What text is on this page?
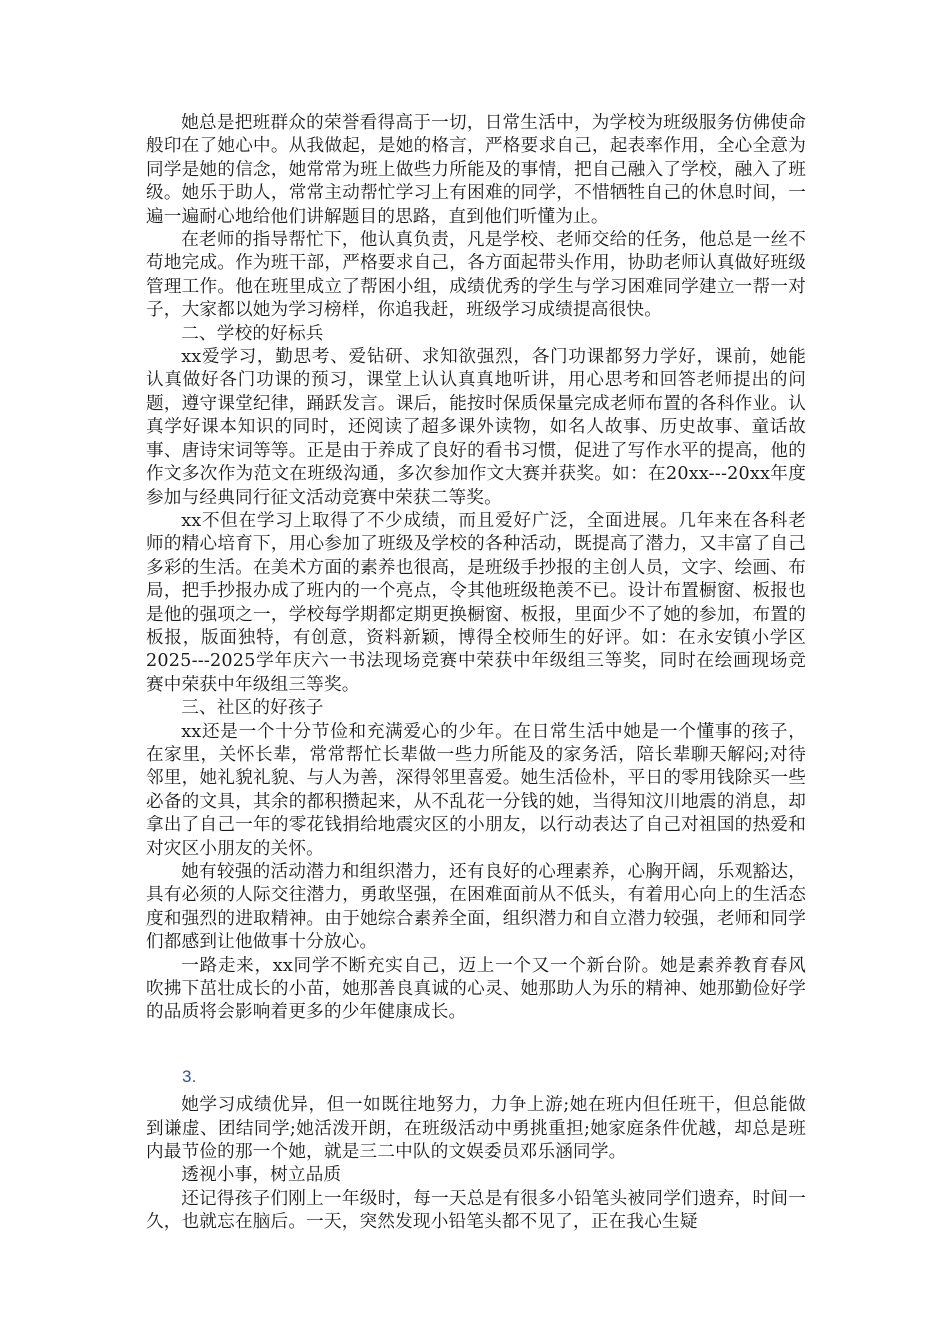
她总是把班群众的荣誉看得高于一切，日常生活中，为学校为班级服务仿佛使命般印在了她心中。从我做起，是她的格言，严格要求自己，起表率作用，全心全意为同学是她的信念，她常常为班上做些力所能及的事情，把自己融入了学校，融入了班级。她乐于助人，常常主动帮忙学习上有困难的同学，不惜牺牲自己的休息时间，一遍一遍耐心地给他们讲解题目的思路，直到他们听懂为止。

在老师的指导帮忙下，他认真负责，凡是学校、老师交给的任务，他总是一丝不苟地完成。作为班干部，严格要求自己，各方面起带头作用，协助老师认真做好班级管理工作。他在班里成立了帮困小组，成绩优秀的学生与学习困难同学建立一帮一对子，大家都以她为学习榜样，你追我赶，班级学习成绩提高很快。

二、学校的好标兵

xx爱学习，勤思考、爱钻研、求知欲强烈，各门功课都努力学好，课前，她能认真做好各门功课的预习，课堂上认认真真地听讲，用心思考和回答老师提出的问题，遵守课堂纪律，踊跃发言。课后，能按时保质保量完成老师布置的各科作业。认真学好课本知识的同时，还阅读了超多课外读物，如名人故事、历史故事、童话故事、唐诗宋词等等。正是由于养成了良好的看书习惯，促进了写作水平的提高，他的作文多次作为范文在班级沟通，多次参加作文大赛并获奖。如：在20xx---20xx年度参加与经典同行征文活动竞赛中荣获二等奖。

xx不但在学习上取得了不少成绩，而且爱好广泛，全面进展。几年来在各科老师的精心培育下，用心参加了班级及学校的各种活动，既提高了潜力，又丰富了自己多彩的生活。在美术方面的素养也很高，是班级手抄报的主创人员，文字、绘画、布局，把手抄报办成了班内的一个亮点，令其他班级艳羡不已。设计布置橱窗、板报也是他的强项之一，学校每学期都定期更换橱窗、板报，里面少不了她的参加，布置的板报，版面独特，有创意，资料新颖，博得全校师生的好评。如：在永安镇小学区2025---2025学年庆六一书法现场竞赛中荣获中年级组三等奖，同时在绘画现场竞赛中荣获中年级组三等奖。

三、社区的好孩子

xx还是一个十分节俭和充满爱心的少年。在日常生活中她是一个懂事的孩子，在家里，关怀长辈，常常帮忙长辈做一些力所能及的家务活，陪长辈聊天解闷;对待邻里，她礼貌礼貌、与人为善，深得邻里喜爱。她生活俭朴，平日的零用钱除买一些必备的文具，其余的都积攒起来，从不乱花一分钱的她，当得知汶川地震的消息，却拿出了自己一年的零花钱捐给地震灾区的小朋友，以行动表达了自己对祖国的热爱和对灾区小朋友的关怀。

她有较强的活动潜力和组织潜力，还有良好的心理素养，心胸开阔，乐观豁达，具有必须的人际交往潜力，勇敢坚强，在困难面前从不低头，有着用心向上的生活态度和强烈的进取精神。由于她综合素养全面，组织潜力和自立潜力较强，老师和同学们都感到让他做事十分放心。

一路走来，xx同学不断充实自己，迈上一个又一个新台阶。她是素养教育春风吹拂下茁壮成长的小苗，她那善良真诚的心灵、她那助人为乐的精神、她那勤俭好学的品质将会影响着更多的少年健康成长。

3.

她学习成绩优异，但一如既往地努力，力争上游;她在班内但任班干，但总能做到谦虚、团结同学;她活泼开朗，在班级活动中勇挑重担;她家庭条件优越，却总是班内最节俭的那一个她，就是三二中队的文娱委员邓乐涵同学。

透视小事，树立品质

还记得孩子们刚上一年级时，每一天总是有很多小铅笔头被同学们遗弃，时间一久，也就忘在脑后。一天，突然发现小铅笔头都不见了，正在我心生疑
